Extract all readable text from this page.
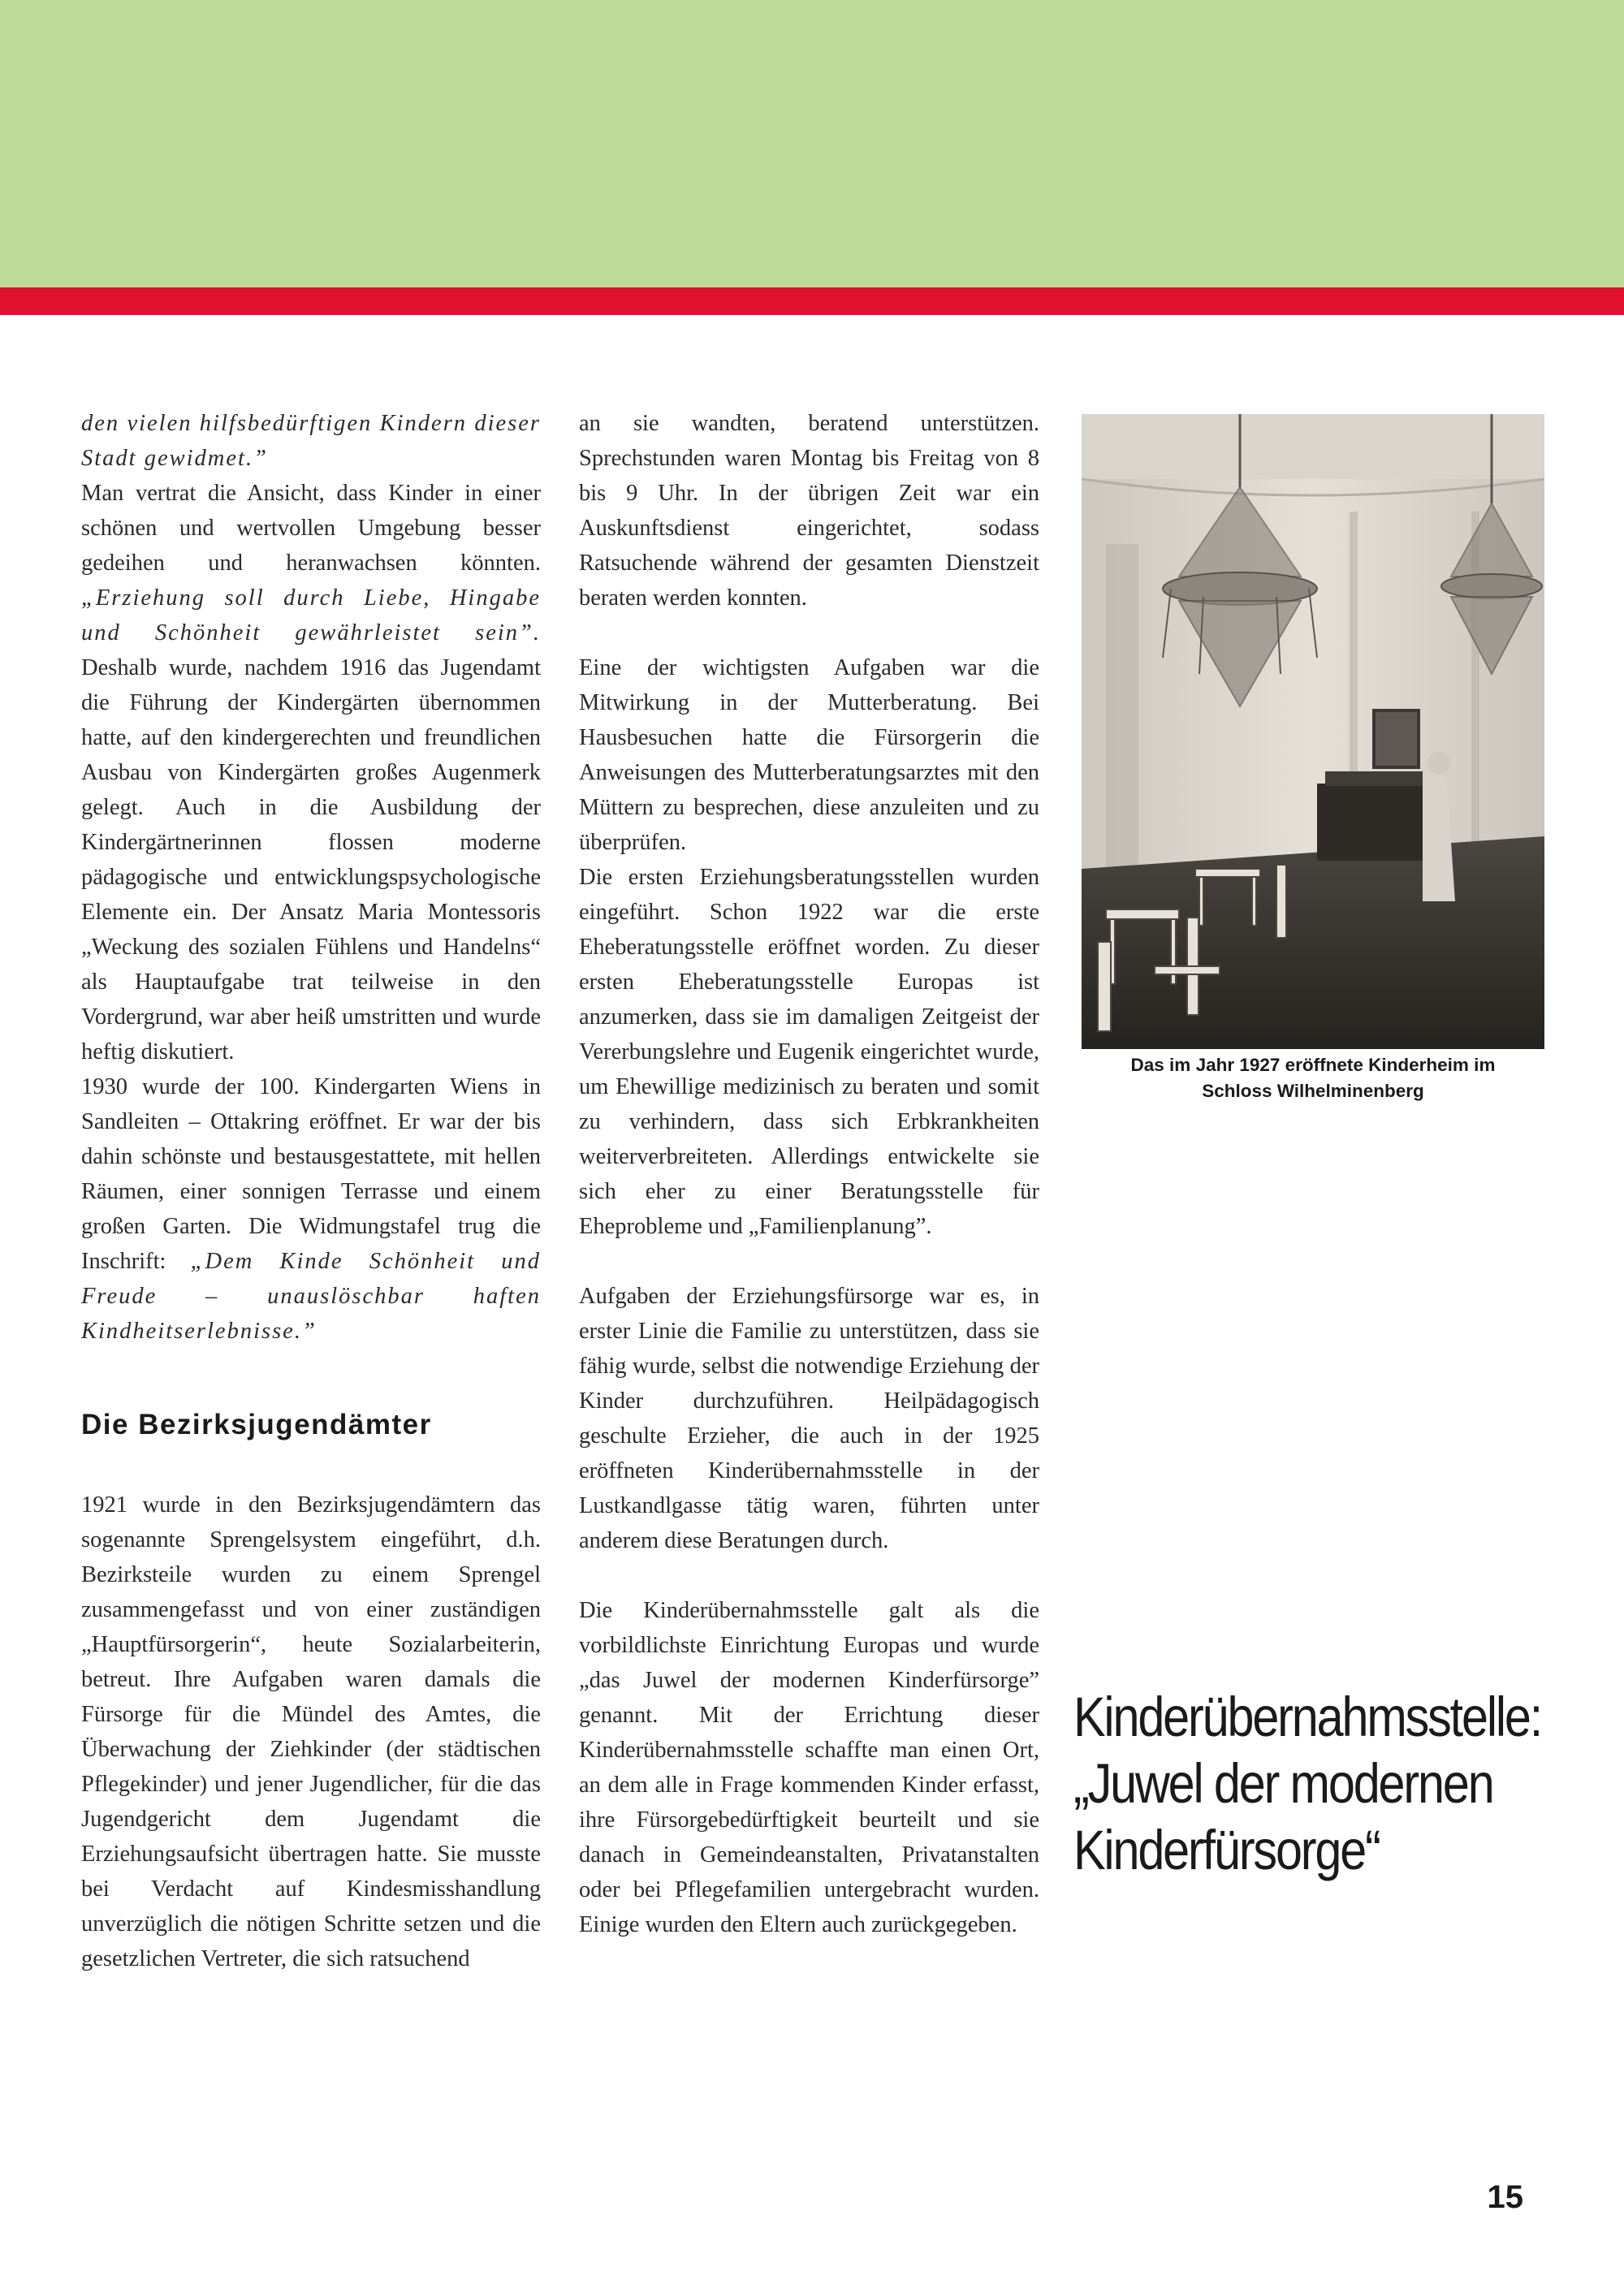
den vielen hilfsbedürftigen Kindern dieser Stadt gewidmet.”

Man vertrat die Ansicht, dass Kinder in einer schönen und wertvollen Umgebung besser gedeihen und heranwachsen könnten. „Erziehung soll durch Liebe, Hingabe und Schönheit gewährleistet sein”. Deshalb wurde, nachdem 1916 das Jugendamt die Führung der Kindergärten übernommen hatte, auf den kindergerechten und freundlichen Ausbau von Kindergärten großes Augenmerk gelegt. Auch in die Ausbildung der Kindergärtnerinnen flossen moderne pädagogische und entwicklungspsychologische Elemente ein. Der Ansatz Maria Montessoris „Weckung des sozialen Fühlens und Handelns“ als Hauptaufgabe trat teilweise in den Vordergrund, war aber heiß umstritten und wurde heftig diskutiert.

1930 wurde der 100. Kindergarten Wiens in Sandleiten – Ottakring eröffnet. Er war der bis dahin schönste und bestausgestattete, mit hellen Räumen, einer sonnigen Terrasse und einem großen Garten. Die Widmungstafel trug die Inschrift: „Dem Kinde Schönheit und Freude – unauslöschbar haften Kindheitserlebnisse.”

Die Bezirksjugendämter

1921 wurde in den Bezirksjugendämtern das sogenannte Sprengelsystem eingeführt, d.h. Bezirksteile wurden zu einem Sprengel zusammengefasst und von einer zuständigen „Hauptfürsorgerin“, heute Sozialarbeiterin, betreut. Ihre Aufgaben waren damals die Fürsorge für die Mündel des Amtes, die Überwachung der Ziehkinder (der städtischen Pflegekinder) und jener Jugendlicher, für die das Jugendgericht dem Jugendamt die Erziehungsaufsicht übertragen hatte. Sie musste bei Verdacht auf Kindesmisshandlung unverzüglich die nötigen Schritte setzen und die gesetzlichen Vertreter, die sich ratsuchend

an sie wandten, beratend unterstützen. Sprechstunden waren Montag bis Freitag von 8 bis 9 Uhr. In der übrigen Zeit war ein Auskunftsdienst eingerichtet, sodass Ratsuchende während der gesamten Dienstzeit beraten werden konnten.

Eine der wichtigsten Aufgaben war die Mitwirkung in der Mutterberatung. Bei Hausbesuchen hatte die Fürsorgerin die Anweisungen des Mutterberatungsarztes mit den Müttern zu besprechen, diese anzuleiten und zu überprüfen.

Die ersten Erziehungsberatungsstellen wurden eingeführt. Schon 1922 war die erste Eheberatungsstelle eröffnet worden. Zu dieser ersten Eheberatungsstelle Europas ist anzumerken, dass sie im damaligen Zeitgeist der Vererbungslehre und Eugenik eingerichtet wurde, um Ehewillige medizinisch zu beraten und somit zu verhindern, dass sich Erbkrankheiten weiterverbreiteten. Allerdings entwickelte sie sich eher zu einer Beratungsstelle für Eheprobleme und „Familienplanung”.

Aufgaben der Erziehungsfürsorge war es, in erster Linie die Familie zu unterstützen, dass sie fähig wurde, selbst die notwendige Erziehung der Kinder durchzuführen. Heilpädagogisch geschulte Erzieher, die auch in der 1925 eröffneten Kinderübernahmsstelle in der Lustkandlgasse tätig waren, führten unter anderem diese Beratungen durch.

Die Kinderübernahmsstelle galt als die vorbildlichste Einrichtung Europas und wurde „das Juwel der modernen Kinderfürsorge” genannt. Mit der Errichtung dieser Kinderübernahmsstelle schaffte man einen Ort, an dem alle in Frage kommenden Kinder erfasst, ihre Fürsorgebedürftigkeit beurteilt und sie danach in Gemeindeanstalten, Privatanstalten oder bei Pflegefamilien untergebracht wurden. Einige wurden den Eltern auch zurückgegeben.

Das im Jahr 1927 eröffnete Kinderheim im
Schloss Wilhelminenberg
Kinderübernahmsstelle:
„Juwel der modernen
Kinderfürsorge“
15
